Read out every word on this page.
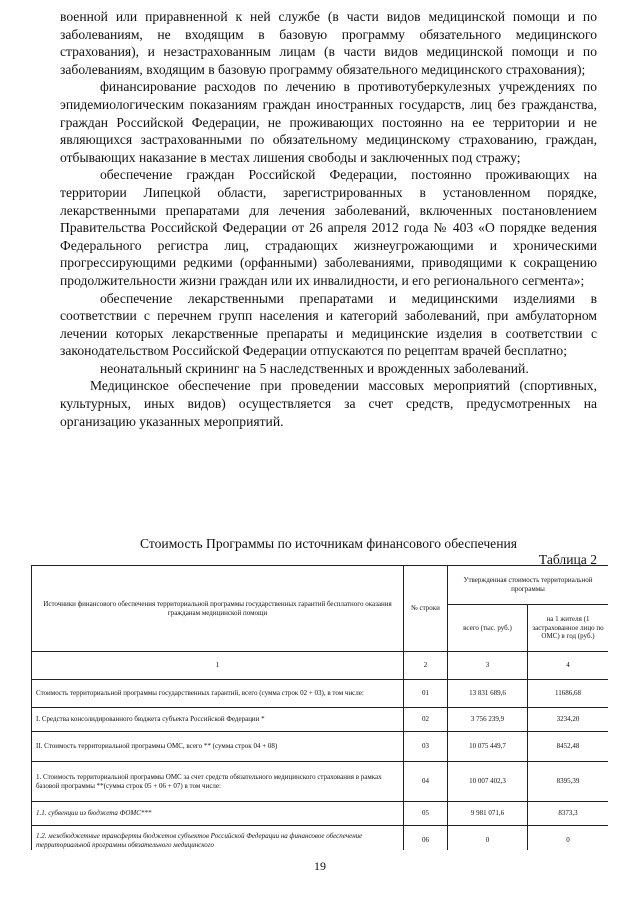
военной или приравненной к ней службе (в части видов медицинской помощи и по заболеваниям, не входящим в базовую программу обязательного медицинского страхования), и незастрахованным лицам (в части видов медицинской помощи и по заболеваниям, входящим в базовую программу обязательного медицинского страхования);

финансирование расходов по лечению в противотуберкулезных учреждениях по эпидемиологическим показаниям граждан иностранных государств, лиц без гражданства, граждан Российской Федерации, не проживающих постоянно на ее территории и не являющихся застрахованными по обязательному медицинскому страхованию, граждан, отбывающих наказание в местах лишения свободы и заключенных под стражу;

обеспечение граждан Российской Федерации, постоянно проживающих на территории Липецкой области, зарегистрированных в установленном порядке, лекарственными препаратами для лечения заболеваний, включенных постановлением Правительства Российской Федерации от 26 апреля 2012 года № 403 «О порядке ведения Федерального регистра лиц, страдающих жизнеугрожающими и хроническими прогрессирующими редкими (орфанными) заболеваниями, приводящими к сокращению продолжительности жизни граждан или их инвалидности, и его регионального сегмента»;

обеспечение лекарственными препаратами и медицинскими изделиями в соответствии с перечнем групп населения и категорий заболеваний, при амбулаторном лечении которых лекарственные препараты и медицинские изделия в соответствии с законодательством Российской Федерации отпускаются по рецептам врачей бесплатно;

неонатальный скрининг на 5 наследственных и врожденных заболеваний.

Медицинское обеспечение при проведении массовых мероприятий (спортивных, культурных, иных видов) осуществляется за счет средств, предусмотренных на организацию указанных мероприятий.

Стоимость Программы по источникам финансового обеспечения
Таблица 2
Источники финансового обеспечения территориальной программы государственных гарантий бесплатного оказания гражданам медицинской помощи	№ строки	Утвержденная стоимость территориальной программы	
		всего (тыс. руб.)	на 1 жителя (1 застрахованное лицо по ОМС) в год (руб.)
1	2	3	4
Стоимость территориальной программы государственных гарантий, всего (сумма строк 02 + 03), в том числе:	01	13 831 689,6	11686,68
I. Средства консолидированного бюджета субъекта Российской Федерации *	02	3 756 239,9	3234,20
II. Стоимость территориальной программы ОМС, всего ** (сумма строк 04 + 08)	03	10 075 449,7	8452,48
1. Стоимость территориальной программы ОМС за счет средств обязательного медицинского страхования в рамках базовой программы **(сумма строк 05 + 06 + 07) в том числе:	04	10 007 402,3	8395,39
1.1. субвенции из бюджета ФОМС***	05	9 981 071,6	8373,3
1.2. межбюджетные трансферты бюджетов субъектов Российской Федерации на финансовое обеспечение территориальной программы обязательного медицинского	06	0	0
19
